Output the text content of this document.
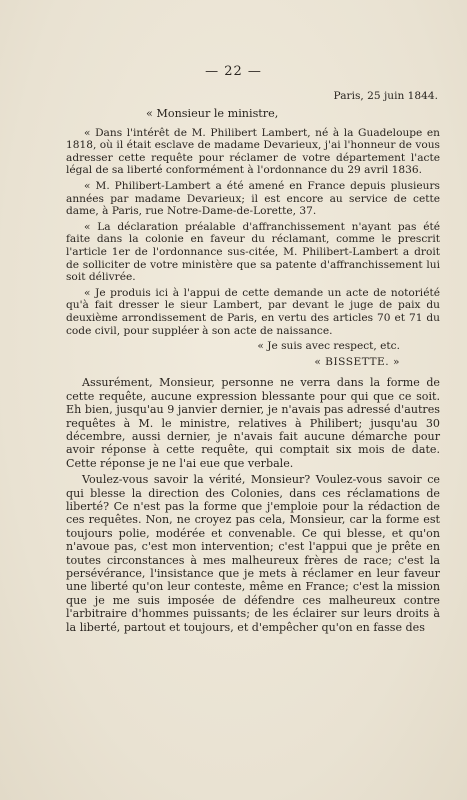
— 22 —
Paris, 25 juin 1844.
« Monsieur le ministre,

« Dans l'intérêt de M. Philibert Lambert, né à la Guadeloupe en 1818, où il était esclave de madame Devarieux, j'ai l'honneur de vous adresser cette requête pour réclamer de votre département l'acte légal de sa liberté conformément à l'ordonnance du 29 avril 1836.

« M. Philibert-Lambert a été amené en France depuis plusieurs années par madame Devarieux; il est encore au service de cette dame, à Paris, rue Notre-Dame-de-Lorette, 37.

« La déclaration préalable d'affranchissement n'ayant pas été faite dans la colonie en faveur du réclamant, comme le prescrit l'article 1er de l'ordonnance sus-citée, M. Philibert-Lambert a droit de solliciter de votre ministère que sa patente d'affranchissement lui soit délivrée.

« Je produis ici à l'appui de cette demande un acte de notoriété qu'à fait dresser le sieur Lambert, par devant le juge de paix du deuxième arrondissement de Paris, en vertu des articles 70 et 71 du code civil, pour suppléer à son acte de naissance.

« Je suis avec respect, etc.
« BISSETTE. »

Assurément, Monsieur, personne ne verra dans la forme de cette requête, aucune expression blessante pour qui que ce soit. Eh bien, jusqu'au 9 janvier dernier, je n'avais pas adressé d'autres requêtes à M. le ministre, relatives à Philibert; jusqu'au 30 décembre, aussi dernier, je n'avais fait aucune démarche pour avoir réponse à cette requête, qui comptait six mois de date. Cette réponse je ne l'ai eue que verbale.

Voulez-vous savoir la vérité, Monsieur? Voulez-vous savoir ce qui blesse la direction des Colonies, dans ces réclamations de liberté? Ce n'est pas la forme que j'emploie pour la rédaction de ces requêtes. Non, ne croyez pas cela, Monsieur, car la forme est toujours polie, modérée et convenable. Ce qui blesse, et qu'on n'avoue pas, c'est mon intervention; c'est l'appui que je prête en toutes circonstances à mes malheureux frères de race; c'est la persévérance, l'insistance que je mets à réclamer en leur faveur une liberté qu'on leur conteste, même en France; c'est la mission que je me suis imposée de défendre ces malheureux contre l'arbitraire d'hommes puissants; de les éclairer sur leurs droits à la liberté, partout et toujours, et d'empêcher qu'on en fasse des
